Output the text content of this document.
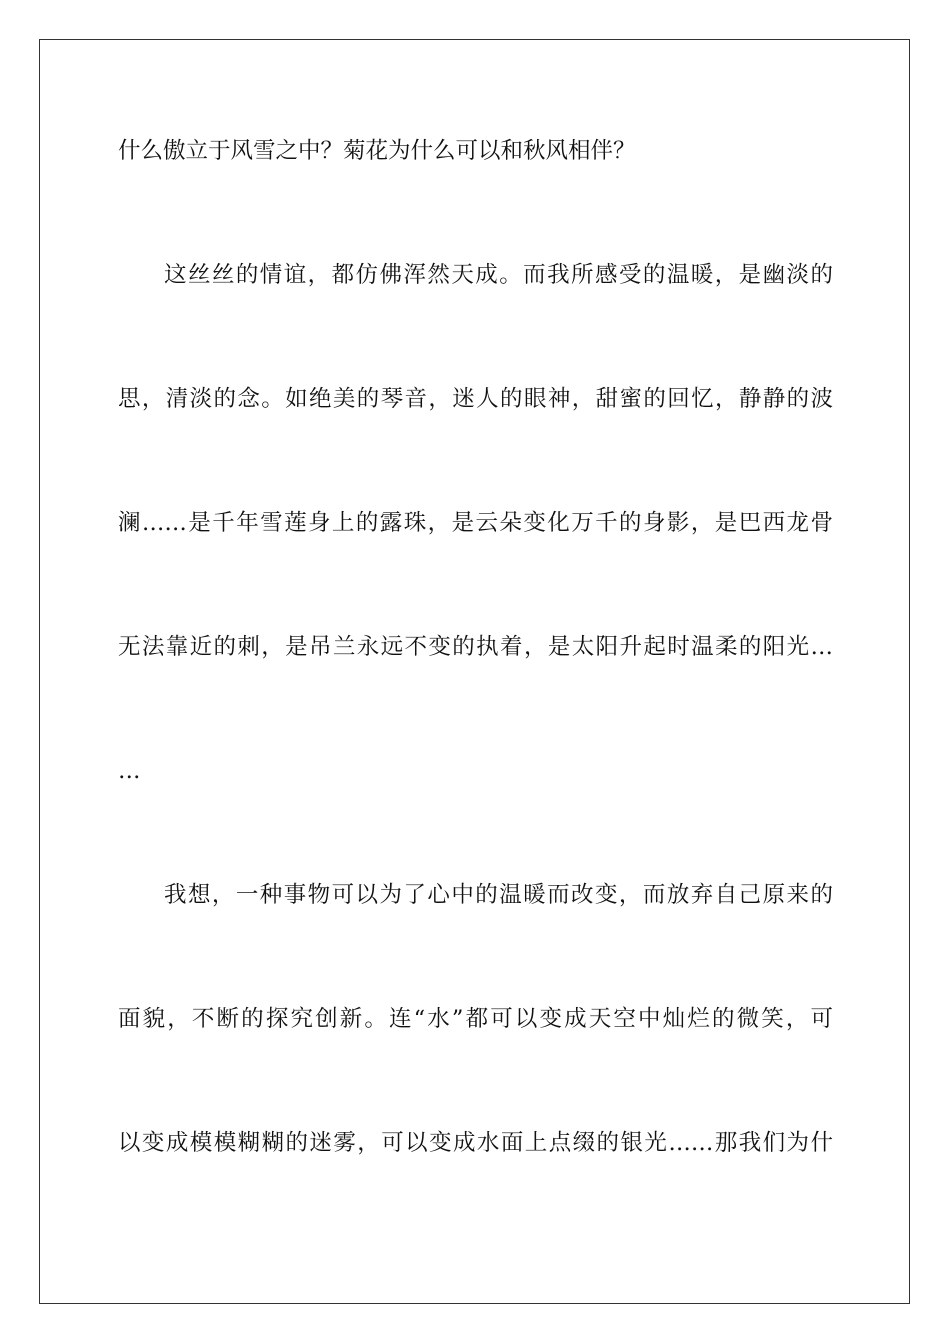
什么傲立于风雪之中？菊花为什么可以和秋风相伴？
这丝丝的情谊，都仿佛浑然天成。而我所感受的温暖，是幽淡的
思，清淡的念。如绝美的琴音，迷人的眼神，甜蜜的回忆，静静的波
澜……是千年雪莲身上的露珠，是云朵变化万千的身影，是巴西龙骨
无法靠近的刺，是吊兰永远不变的执着，是太阳升起时温柔的阳光…
…
我想，一种事物可以为了心中的温暖而改变，而放弃自己原来的
面貌，不断的探究创新。连“水”都可以变成天空中灿烂的微笑，可
以变成模模糊糊的迷雾，可以变成水面上点缀的银光……那我们为什
